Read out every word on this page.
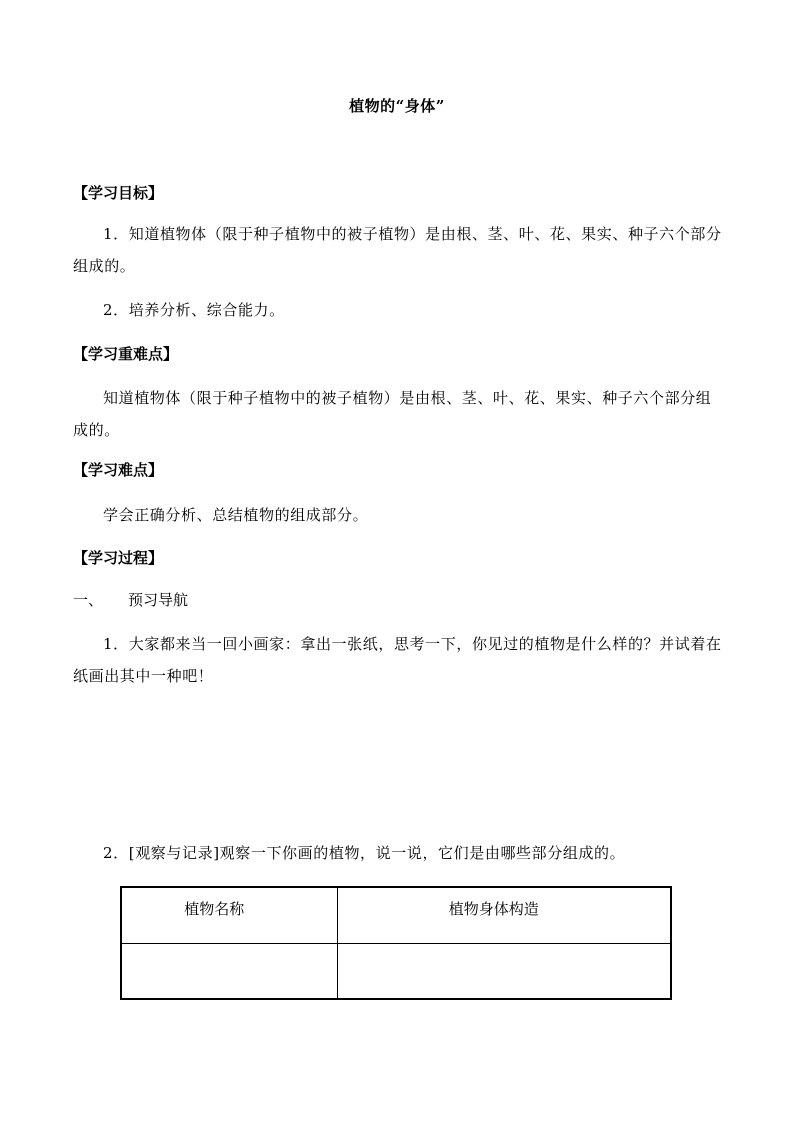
植物的“身体”
【学习目标】
1．知道植物体（限于种子植物中的被子植物）是由根、茎、叶、花、果实、种子六个部分组成的。
2．培养分析、综合能力。
【学习重难点】
知道植物体（限于种子植物中的被子植物）是由根、茎、叶、花、果实、种子六个部分组成的。
【学习难点】
学会正确分析、总结植物的组成部分。
【学习过程】
一、 预习导航
1．大家都来当一回小画家：拿出一张纸，思考一下，你见过的植物是什么样的？并试着在纸画出其中一种吧！
2．[观察与记录]观察一下你画的植物，说一说，它们是由哪些部分组成的。
植物名称	植物身体构造
